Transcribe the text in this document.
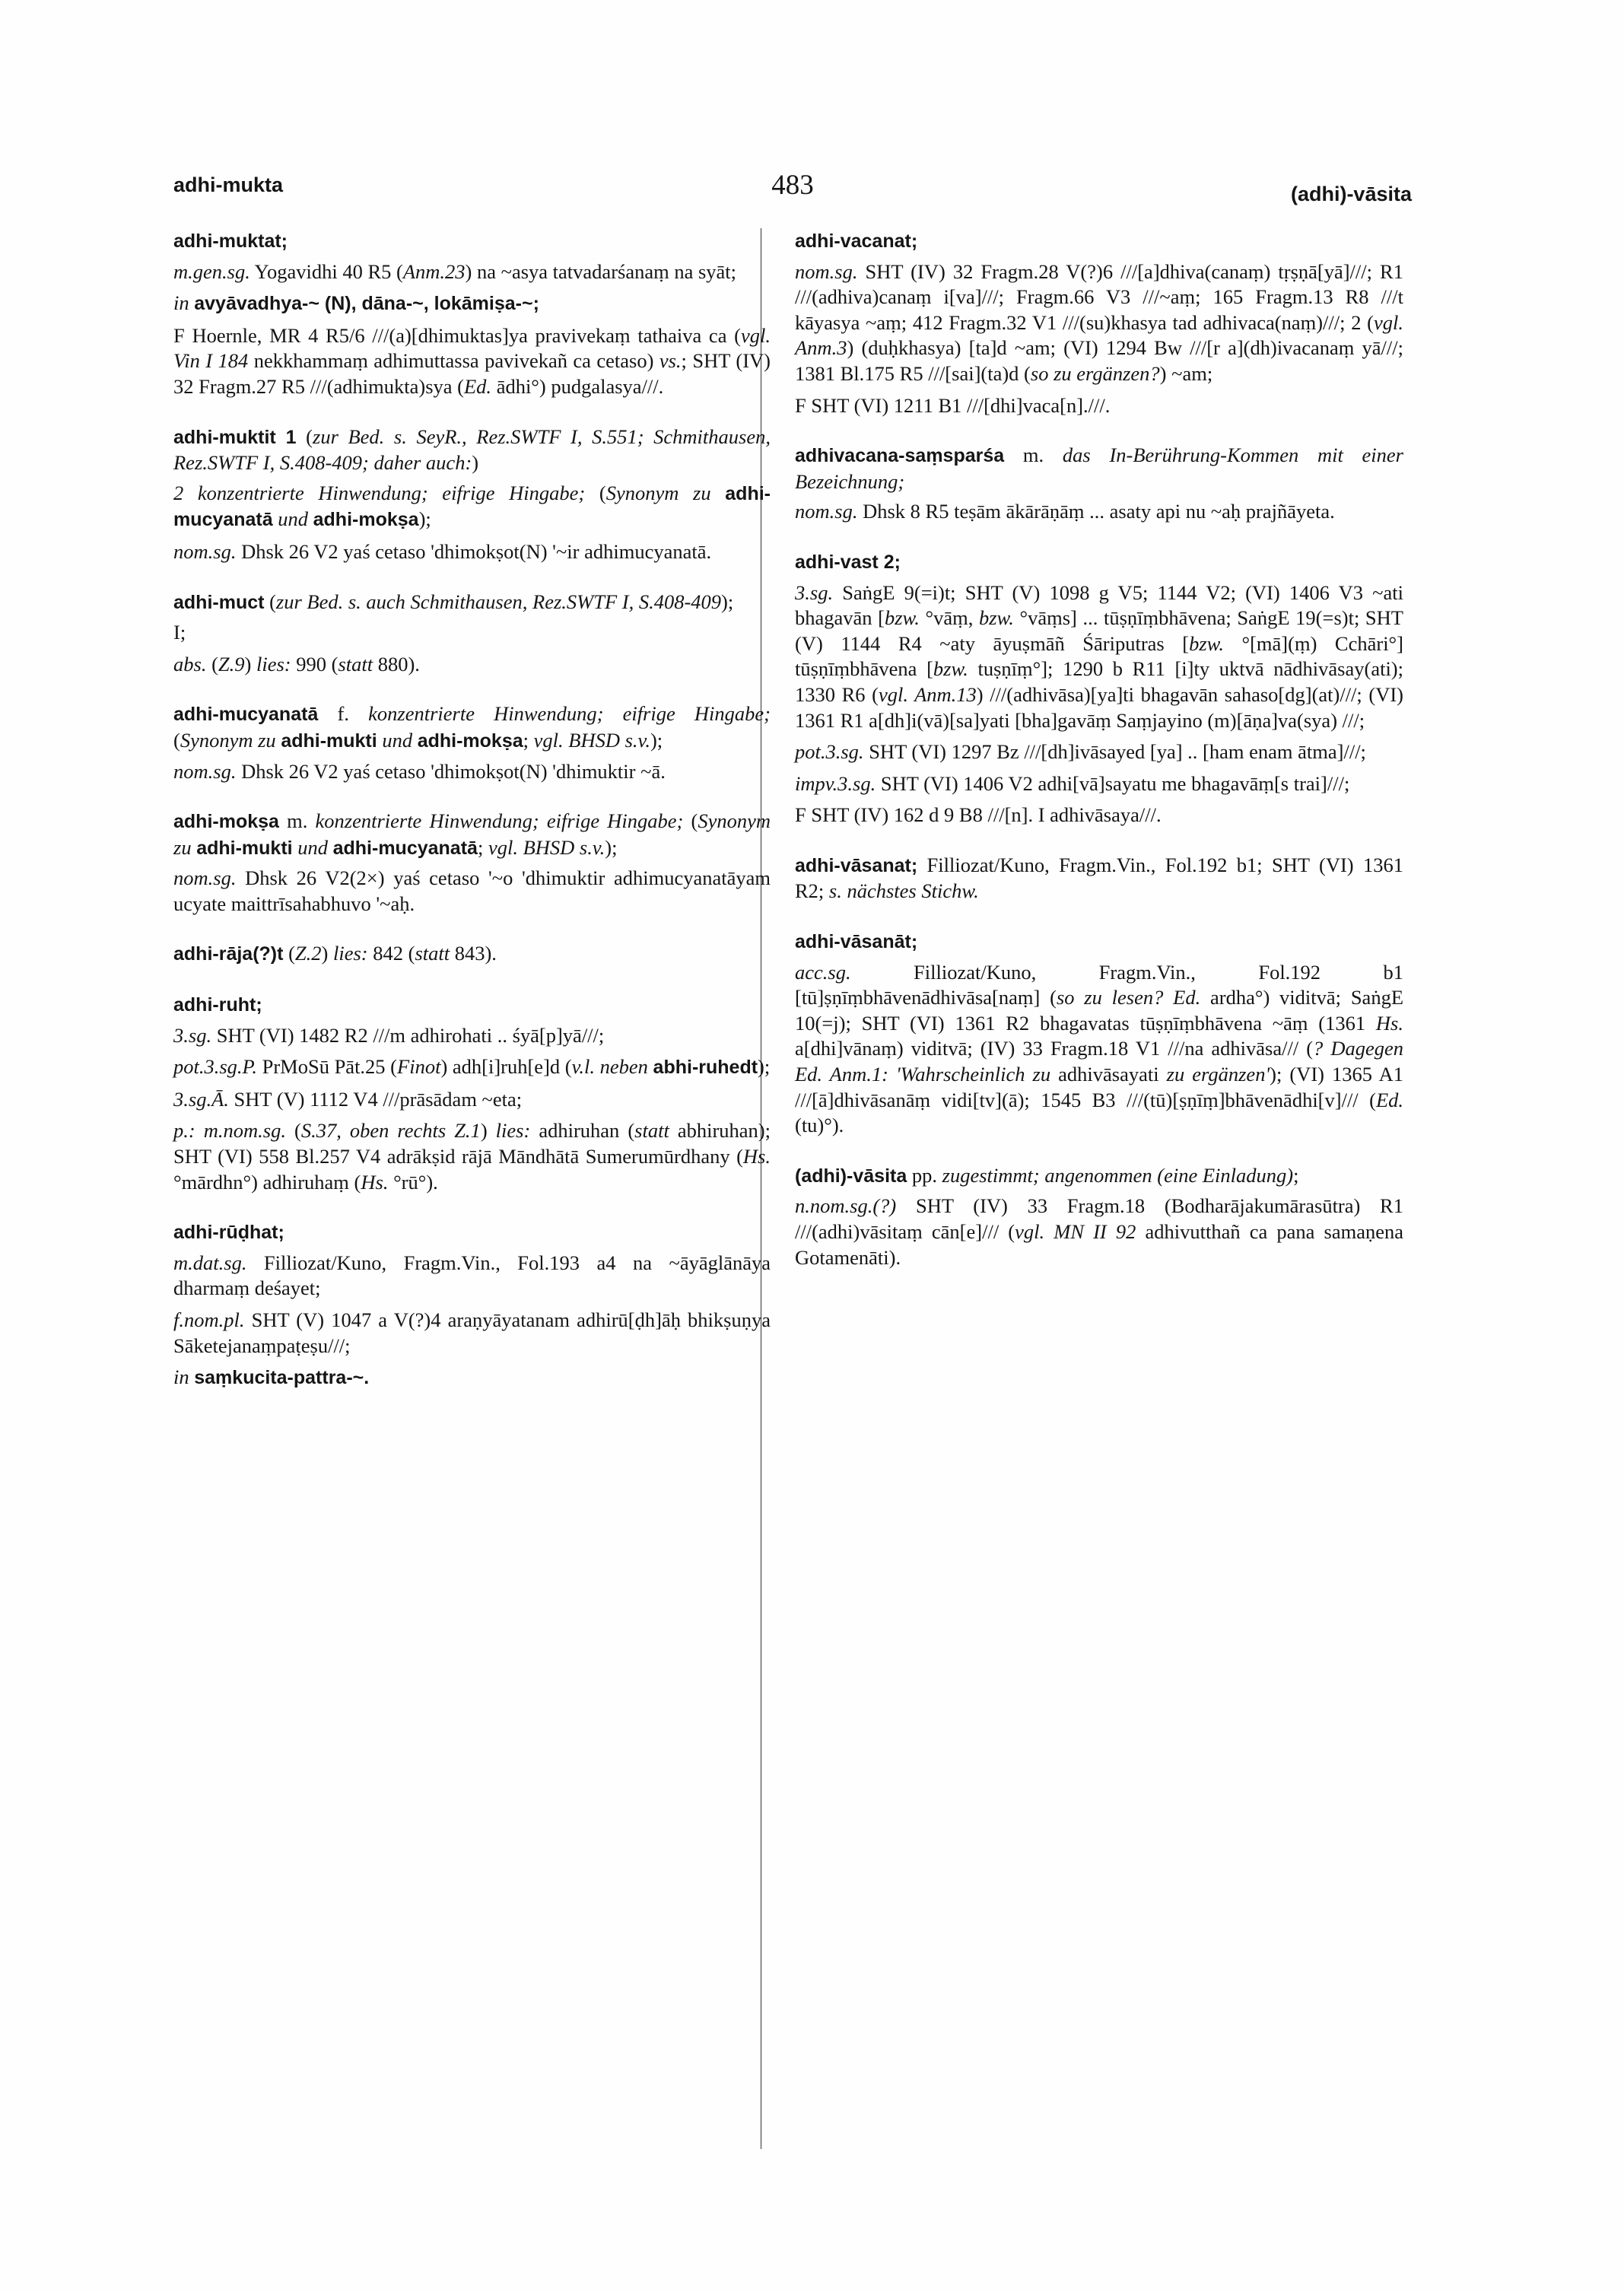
adhi-mukta	483	(adhi)-vāsita

adhi-muktat;

m.gen.sg. Yogavidhi 40 R5 (Anm.23) na ~asya tatvadarśanaṃ na syāt;

in avyāvadhya-~ (N), dāna-~, lokāmiṣa-~;

F Hoernle, MR 4 R5/6 ///(a)[dhimuktas]ya pravivekaṃ tathaiva ca (vgl. Vin I 184 nekkhammaṃ adhimuttassa pavivekañ ca cetaso) vs.; SHT (IV) 32 Fragm.27 R5 ///(adhimukta)sya (Ed. ādhi°) pudgalasya///.

adhi-muktit 1 (zur Bed. s. SeyR., Rez.SWTF I, S.551; Schmithausen, Rez.SWTF I, S.408-409; daher auch:)

2 konzentrierte Hinwendung; eifrige Hingabe; (Synonym zu adhi-mucyanatā und adhi-mokṣa);

nom.sg. Dhsk 26 V2 yaś cetaso 'dhimokṣot(N) '~ir adhimucyanatā.

adhi-muct (zur Bed. s. auch Schmithausen, Rez.SWTF I, S.408-409);

I;

abs. (Z.9) lies: 990 (statt 880).

adhi-mucyanatā f. konzentrierte Hinwendung; eifrige Hingabe; (Synonym zu adhi-mukti und adhi-mokṣa; vgl. BHSD s.v.);

nom.sg. Dhsk 26 V2 yaś cetaso 'dhimokṣot(N) 'dhimuktir ~ā.

adhi-mokṣa m. konzentrierte Hinwendung; eifrige Hingabe; (Synonym zu adhi-mukti und adhi-mucyanatā; vgl. BHSD s.v.);

nom.sg. Dhsk 26 V2(2×) yaś cetaso '~o 'dhimuktir adhimucyanatāyam ucyate maittrīsahabhuvo '~aḥ.

adhi-rāja(?)t (Z.2) lies: 842 (statt 843).

adhi-ruht;

3.sg. SHT (VI) 1482 R2 ///m adhirohati .. śyā[p]yā///;

pot.3.sg.P. PrMoSū Pāt.25 (Finot) adh[i]ruh[e]d (v.l. neben abhi-ruhedt);

3.sg.Ā. SHT (V) 1112 V4 ///prāsādam ~eta;

p.: m.nom.sg. (S.37, oben rechts Z.1) lies: adhiruhan (statt abhiruhan); SHT (VI) 558 Bl.257 V4 adrākṣid rājā Māndhātā Sumerumūrdhany (Hs. °mārdhn°) adhiruhaṃ (Hs. °rū°).

adhi-rūḍhat;

m.dat.sg. Filliozat/Kuno, Fragm.Vin., Fol.193 a4 na ~āyāglānāya dharmaṃ deśayet;

f.nom.pl. SHT (V) 1047 a V(?)4 araṇyāyatanam adhirū[ḍh]āḥ bhikṣuṇya Sāketejanaṃpaṭeṣu///;

in saṃkucita-pattra-~.

adhi-vacanat;

nom.sg. SHT (IV) 32 Fragm.28 V(?)6 ///[a]dhiva(canaṃ) tṛṣṇā[yā]///; R1 ///(adhiva)canaṃ i[va]///; Fragm.66 V3 ///~aṃ; 165 Fragm.13 R8 ///t kāyasya ~aṃ; 412 Fragm.32 V1 ///(su)khasya tad adhivaca(naṃ)///; 2 (vgl. Anm.3) (duḥkhasya) [ta]d ~am; (VI) 1294 Bw ///[r a](dh)ivacanaṃ yā///; 1381 Bl.175 R5 ///[sai](ta)d (so zu ergänzen?) ~am;

F SHT (VI) 1211 B1 ///[dhi]vaca[n].///.

adhivacana-saṃsparśa m. das In-Berührung-Kommen mit einer Bezeichnung;

nom.sg. Dhsk 8 R5 teṣām ākārāṇāṃ ... asaty api nu ~aḥ prajñāyeta.

adhi-vast 2;

3.sg. SaṅgE 9(=i)t; SHT (V) 1098 g V5; 1144 V2; (VI) 1406 V3 ~ati bhagavān [bzw. °vāṃ, bzw. °vāṃs] ... tūṣṇīṃbhāvena; SaṅgE 19(=s)t; SHT (V) 1144 R4 ~aty āyuṣmāñ Śāriputras [bzw. °[mā](ṃ) Cchāri°] tūṣṇīṃbhāvena [bzw. tuṣṇīṃ°]; 1290 b R11 [i]ty uktvā nādhivāsay(ati); 1330 R6 (vgl. Anm.13) ///(adhivāsa)[ya]ti bhagavān sahaso[dg](at)///; (VI) 1361 R1 a[dh]i(vā)[sa]yati [bha]gavāṃ Saṃjayino (m)[āṇa]va(sya) ///;

pot.3.sg. SHT (VI) 1297 Bz ///[dh]ivāsayed [ya] .. [ham enam ātma]///;

impv.3.sg. SHT (VI) 1406 V2 adhi[vā]sayatu me bhagavāṃ[s trai]///;

F SHT (IV) 162 d 9 B8 ///[n]. I adhivāsaya///.

adhi-vāsanat; Filliozat/Kuno, Fragm.Vin., Fol.192 b1; SHT (VI) 1361 R2; s. nächstes Stichw.

adhi-vāsanāt;

acc.sg. Filliozat/Kuno, Fragm.Vin., Fol.192 b1 [tū]ṣṇīṃbhāvenādhivāsa[naṃ] (so zu lesen? Ed. ardha°) viditvā; SaṅgE 10(=j); SHT (VI) 1361 R2 bhagavatas tūṣṇīṃbhāvena ~āṃ (1361 Hs. a[dhi]vānaṃ) viditvā; (IV) 33 Fragm.18 V1 ///na adhivāsa/// (? Dagegen Ed. Anm.1: 'Wahrscheinlich zu adhivāsayati zu ergänzen'); (VI) 1365 A1 ///[ā]dhivāsanāṃ vidi[tv](ā); 1545 B3 ///(tū)[ṣṇīṃ]bhāvenādhi[v]/// (Ed. (tu)°).

(adhi)-vāsita pp. zugestimmt; angenommen (eine Einladung);

n.nom.sg.(?) SHT (IV) 33 Fragm.18 (Bodharājakumārasūtra) R1 ///(adhi)vāsitaṃ cān[e]/// (vgl. MN II 92 adhivutthañ ca pana samaṇena Gotamenāti).
